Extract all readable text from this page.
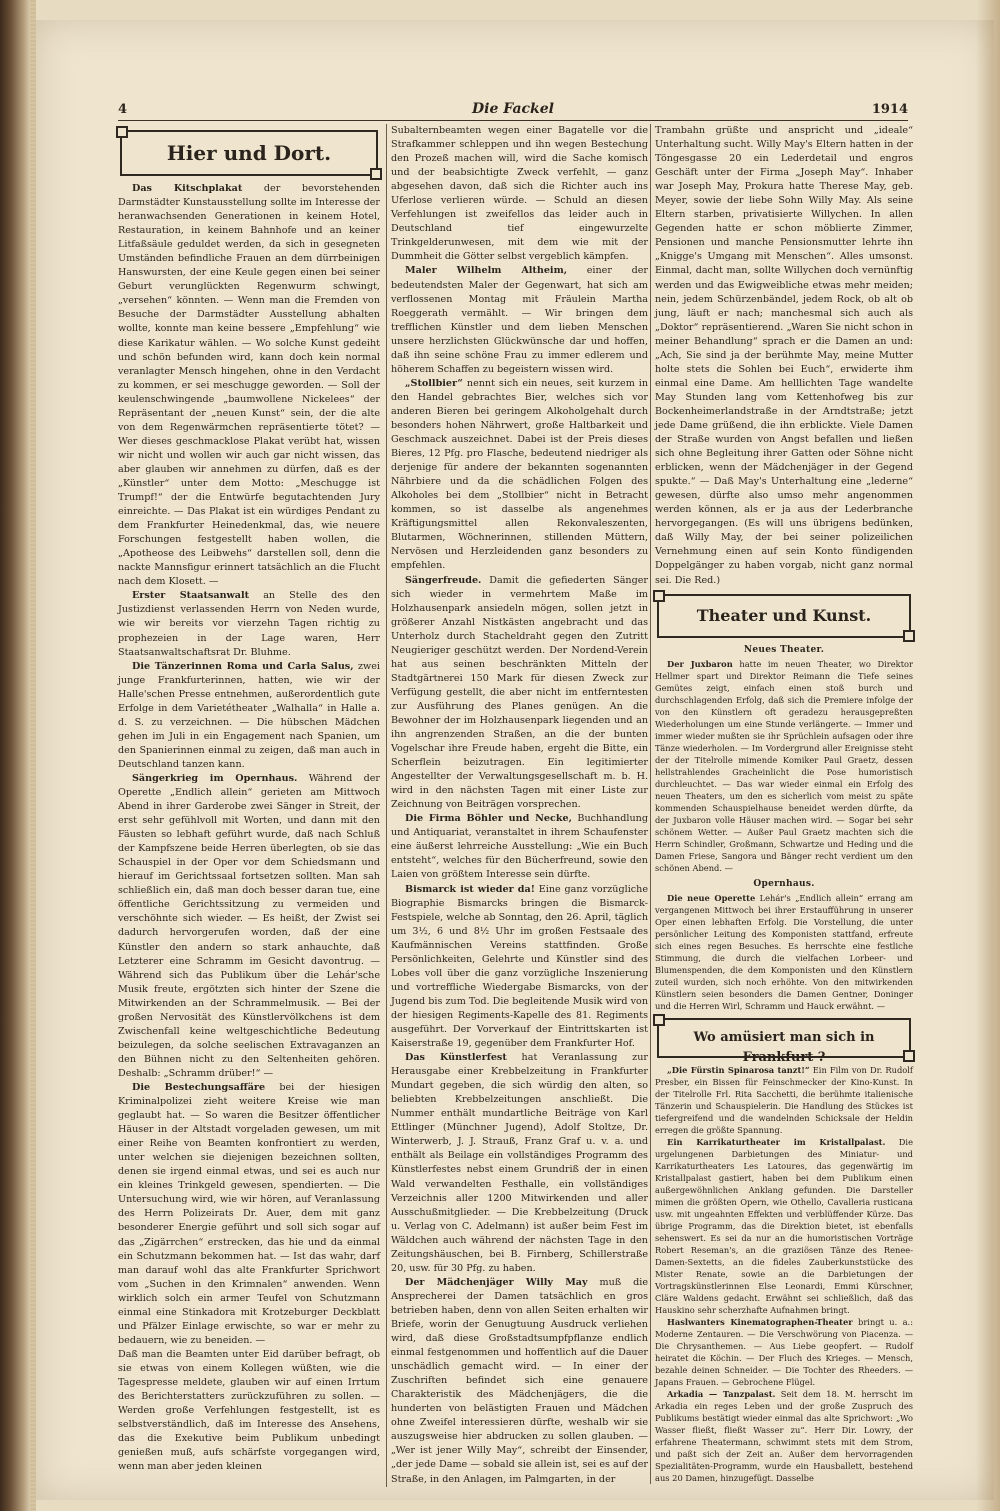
4	Die Fackel	1914
Hier und Dort.

Das Kitschplakat der bevorstehenden Darmstädter Kunstausstellung sollte im Interesse der heranwachsenden Generationen in keinem Hotel, Restauration, in keinem Bahnhofe und an keiner Litfaßsäule geduldet werden, da sich in gesegneten Umständen befindliche Frauen an dem dürrbeinigen Hanswursten, der eine Keule gegen einen bei seiner Geburt verunglückten Regenwurm schwingt, „versehen“ könnten. — Wenn man die Fremden von Besuche der Darmstädter Ausstellung abhalten wollte, konnte man keine bessere „Empfehlung“ wie diese Karikatur wählen. — Wo solche Kunst gedeiht und schön befunden wird, kann doch kein normal veranlagter Mensch hingehen, ohne in den Verdacht zu kommen, er sei meschugge geworden. — Soll der keulenschwingende „baumwollene Nickelees“ der Repräsentant der „neuen Kunst“ sein, der die alte von dem Regenwärmchen repräsentierte tötet? — Wer dieses geschmacklose Plakat verübt hat, wissen wir nicht und wollen wir auch gar nicht wissen, das aber glauben wir annehmen zu dürfen, daß es der „Künstler“ unter dem Motto: „Meschugge ist Trumpf!“ der die Entwürfe begutachtenden Jury einreichte. — Das Plakat ist ein würdiges Pendant zu dem Frankfurter Heinedenkmal, das, wie neuere Forschungen festgestellt haben wollen, die „Apotheose des Leibwehs“ darstellen soll, denn die nackte Mannsfigur erinnert tatsächlich an die Flucht nach dem Klosett. —

Erster Staatsanwalt an Stelle des den Justizdienst verlassenden Herrn von Neden wurde, wie wir bereits vor vierzehn Tagen richtig zu prophezeien in der Lage waren, Herr Staatsanwaltschaftsrat Dr. Bluhme.

Die Tänzerinnen Roma und Carla Salus, zwei junge Frankfurterinnen, hatten, wie wir der Halle'schen Presse entnehmen, außerordentlich gute Erfolge in dem Varietétheater „Walhalla“ in Halle a. d. S. zu verzeichnen. — Die hübschen Mädchen gehen im Juli in ein Engagement nach Spanien, um den Spanierinnen einmal zu zeigen, daß man auch in Deutschland tanzen kann.

Sängerkrieg im Opernhaus. Während der Operette „Endlich allein“ gerieten am Mittwoch Abend in ihrer Garderobe zwei Sänger in Streit, der erst sehr gefühlvoll mit Worten, und dann mit den Fäusten so lebhaft geführt wurde, daß nach Schluß der Kampfszene beide Herren überlegten, ob sie das Schauspiel in der Oper vor dem Schiedsmann und hierauf im Gerichtssaal fortsetzen sollten. Man sah schließlich ein, daß man doch besser daran tue, eine öffentliche Gerichtssitzung zu vermeiden und verschöhnte sich wieder. — Es heißt, der Zwist sei dadurch hervorgerufen worden, daß der eine Künstler den andern so stark anhauchte, daß Letzterer eine Schramm im Gesicht davontrug. — Während sich das Publikum über die Lehár'sche Musik freute, ergötzten sich hinter der Szene die Mitwirkenden an der Schrammelmusik. — Bei der großen Nervosität des Künstlervölkchens ist dem Zwischenfall keine weltgeschichtliche Bedeutung beizulegen, da solche seelischen Extravaganzen an den Bühnen nicht zu den Seltenheiten gehören. Deshalb: „Schramm drüber!“ —

Die Bestechungsaffäre bei der hiesigen Kriminalpolizei zieht weitere Kreise wie man geglaubt hat. — So waren die Besitzer öffentlicher Häuser in der Altstadt vorgeladen gewesen, um mit einer Reihe von Beamten konfrontiert zu werden, unter welchen sie diejenigen bezeichnen sollten, denen sie irgend einmal etwas, und sei es auch nur ein kleines Trinkgeld gewesen, spendierten. — Die Untersuchung wird, wie wir hören, auf Veranlassung des Herrn Polizeirats Dr. Auer, dem mit ganz besonderer Energie geführt und soll sich sogar auf das „Zigärrchen“ erstrecken, das hie und da einmal ein Schutzmann bekommen hat. — Ist das wahr, darf man darauf wohl das alte Frankfurter Sprichwort vom „Suchen in den Krimnalen“ anwenden. Wenn wirklich solch ein armer Teufel von Schutzmann einmal eine Stinkadora mit Krotzeburger Deckblatt und Pfälzer Einlage erwischte, so war er mehr zu bedauern, wie zu beneiden. —

Daß man die Beamten unter Eid darüber befragt, ob sie etwas von einem Kollegen wüßten, wie die Tagespresse meldete, glauben wir auf einen Irrtum des Berichterstatters zurückzuführen zu sollen. — Werden große Verfehlungen festgestellt, ist es selbstverständlich, daß im Interesse des Ansehens, das die Exekutive beim Publikum unbedingt genießen muß, aufs schärfste vorgegangen wird, wenn man aber jeden kleinen

Subalternbeamten wegen einer Bagatelle vor die Strafkammer schleppen und ihn wegen Bestechung den Prozeß machen will, wird die Sache komisch und der beabsichtigte Zweck verfehlt, — ganz abgesehen davon, daß sich die Richter auch ins Uferlose verlieren würde. — Schuld an diesen Verfehlungen ist zweifellos das leider auch in Deutschland tief eingewurzelte Trinkgelderunwesen, mit dem wie mit der Dummheit die Götter selbst vergeblich kämpfen.

Maler Wilhelm Altheim, einer der bedeutendsten Maler der Gegenwart, hat sich am verflossenen Montag mit Fräulein Martha Roeggerath vermählt. — Wir bringen dem trefflichen Künstler und dem lieben Menschen unsere herzlichsten Glückwünsche dar und hoffen, daß ihn seine schöne Frau zu immer edlerem und höherem Schaffen zu begeistern wissen wird.

„Stollbier“ nennt sich ein neues, seit kurzem in den Handel gebrachtes Bier, welches sich vor anderen Bieren bei geringem Alkoholgehalt durch besonders hohen Nährwert, große Haltbarkeit und Geschmack auszeichnet. Dabei ist der Preis dieses Bieres, 12 Pfg. pro Flasche, bedeutend niedriger als derjenige für andere der bekannten sogenannten Nährbiere und da die schädlichen Folgen des Alkoholes bei dem „Stollbier“ nicht in Betracht kommen, so ist dasselbe als angenehmes Kräftigungsmittel allen Rekonvaleszenten, Blutarmen, Wöchnerinnen, stillenden Müttern, Nervösen und Herzleidenden ganz besonders zu empfehlen.

Sängerfreude. Damit die gefiederten Sänger sich wieder in vermehrtem Maße im Holzhausenpark ansiedeln mögen, sollen jetzt in größerer Anzahl Nistkästen angebracht und das Unterholz durch Stacheldraht gegen den Zutritt Neugieriger geschützt werden. Der Nordend-Verein hat aus seinen beschränkten Mitteln der Stadtgärtnerei 150 Mark für diesen Zweck zur Verfügung gestellt, die aber nicht im entferntesten zur Ausführung des Planes genügen. An die Bewohner der im Holzhausenpark liegenden und an ihn angrenzenden Straßen, an die der bunten Vogelschar ihre Freude haben, ergeht die Bitte, ein Scherflein beizutragen. Ein legitimierter Angestellter der Verwaltungsgesellschaft m. b. H. wird in den nächsten Tagen mit einer Liste zur Zeichnung von Beiträgen vorsprechen.

Die Firma Böhler und Necke, Buchhandlung und Antiquariat, veranstaltet in ihrem Schaufenster eine äußerst lehrreiche Ausstellung: „Wie ein Buch entsteht“, welches für den Bücherfreund, sowie den Laien von größtem Interesse sein dürfte.

Bismarck ist wieder da! Eine ganz vorzügliche Biographie Bismarcks bringen die Bismarck-Festspiele, welche ab Sonntag, den 26. April, täglich um 3½, 6 und 8½ Uhr im großen Festsaale des Kaufmännischen Vereins stattfinden. Große Persönlichkeiten, Gelehrte und Künstler sind des Lobes voll über die ganz vorzügliche Inszenierung und vortreffliche Wiedergabe Bismarcks, von der Jugend bis zum Tod. Die begleitende Musik wird von der hiesigen Regiments-Kapelle des 81. Regiments ausgeführt. Der Vorverkauf der Eintrittskarten ist Kaiserstraße 19, gegenüber dem Frankfurter Hof.

Das Künstlerfest hat Veranlassung zur Herausgabe einer Krebbelzeitung in Frankfurter Mundart gegeben, die sich würdig den alten, so beliebten Krebbelzeitungen anschließt. Die Nummer enthält mundartliche Beiträge von Karl Ettlinger (Münchner Jugend), Adolf Stoltze, Dr. Winterwerb, J. J. Strauß, Franz Graf u. v. a. und enthält als Beilage ein vollständiges Programm des Künstlerfestes nebst einem Grundriß der in einen Wald verwandelten Festhalle, ein vollständiges Verzeichnis aller 1200 Mitwirkenden und aller Ausschußmitglieder. — Die Krebbelzeitung (Druck u. Verlag von C. Adelmann) ist außer beim Fest im Wäldchen auch während der nächsten Tage in den Zeitungshäuschen, bei B. Firnberg, Schillerstraße 20, usw. für 30 Pfg. zu haben.

Der Mädchenjäger Willy May muß die Ansprecherei der Damen tatsächlich en gros betrieben haben, denn von allen Seiten erhalten wir Briefe, worin der Genugtuung Ausdruck verliehen wird, daß diese Großstadtsumpfpflanze endlich einmal festgenommen und hoffentlich auf die Dauer unschädlich gemacht wird. — In einer der Zuschriften befindet sich eine genauere Charakteristik des Mädchenjägers, die die hunderten von belästigten Frauen und Mädchen ohne Zweifel interessieren dürfte, weshalb wir sie auszugsweise hier abdrucken zu sollen glauben. — „Wer ist jener Willy May“, schreibt der Einsender, „der jede Dame — sobald sie allein ist, sei es auf der Straße, in den Anlagen, im Palmgarten, in der

Trambahn grüßte und anspricht und „ideale“ Unterhaltung sucht. Willy May's Eltern hatten in der Töngesgasse 20 ein Lederdetail und engros Geschäft unter der Firma „Joseph May“. Inhaber war Joseph May, Prokura hatte Therese May, geb. Meyer, sowie der liebe Sohn Willy May. Als seine Eltern starben, privatisierte Willychen. In allen Gegenden hatte er schon möblierte Zimmer, Pensionen und manche Pensionsmutter lehrte ihn „Knigge's Umgang mit Menschen“. Alles umsonst. Einmal, dacht man, sollte Willychen doch vernünftig werden und das Ewigweibliche etwas mehr meiden; nein, jedem Schürzenbändel, jedem Rock, ob alt ob jung, läuft er nach; manchesmal sich auch als „Doktor“ repräsentierend. „Waren Sie nicht schon in meiner Behandlung“ sprach er die Damen an und: „Ach, Sie sind ja der berühmte May, meine Mutter holte stets die Sohlen bei Euch“, erwiderte ihm einmal eine Dame. Am helllichten Tage wandelte May Stunden lang vom Kettenhofweg bis zur Bockenheimerlandstraße in der Arndtstraße; jetzt jede Dame grüßend, die ihn erblickte. Viele Damen der Straße wurden von Angst befallen und ließen sich ohne Begleitung ihrer Gatten oder Söhne nicht erblicken, wenn der Mädchenjäger in der Gegend spukte.“ — Daß May's Unterhaltung eine „lederne“ gewesen, dürfte also umso mehr angenommen werden können, als er ja aus der Lederbranche hervorgegangen. (Es will uns übrigens bedünken, daß Willy May, der bei seiner polizeilichen Vernehmung einen auf sein Konto fündigenden Doppelgänger zu haben vorgab, nicht ganz normal sei. Die Red.)

Theater und Kunst.
Neues Theater.

Der Juxbaron hatte im neuen Theater, wo Direktor Hellmer spart und Direktor Reimann die Tiefe seines Gemütes zeigt, einfach einen stoß burch und durchschlagenden Erfolg, daß sich die Premiere infolge der von den Künstlern oft geradezu herausgepreßten Wiederholungen um eine Stunde verlängerte. — Immer und immer wieder mußten sie ihr Sprüchlein aufsagen oder ihre Tänze wiederholen. — Im Vordergrund aller Ereignisse steht der der Titelrolle mimende Komiker Paul Graetz, dessen hellstrahlendes Gracheinlicht die Pose humoristisch durchleuchtet. — Das war wieder einmal ein Erfolg des neuen Theaters, um den es sicherlich vom meist zu späte kommenden Schauspielhause beneidet werden dürfte, da der Juxbaron volle Häuser machen wird. — Sogar bei sehr schönem Wetter. — Außer Paul Graetz machten sich die Herrn Schindler, Großmann, Schwartze und Heding und die Damen Friese, Sangora und Bänger recht verdient um den schönen Abend. —

Opernhaus.

Die neue Operette Lehár's „Endlich allein“ errang am vergangenen Mittwoch bei ihrer Erstaufführung in unserer Oper einen lebhaften Erfolg. Die Vorstellung, die unter persönlicher Leitung des Komponisten stattfand, erfreute sich eines regen Besuches. Es herrschte eine festliche Stimmung, die durch die vielfachen Lorbeer- und Blumenspenden, die dem Komponisten und den Künstlern zuteil wurden, sich noch erhöhte. Von den mitwirkenden Künstlern seien besonders die Damen Gentner, Doninger und die Herren Wirl, Schramm und Hauck erwähnt. —

Wo amüsiert man sich in Frankfurt ?

„Die Fürstin Spinarosa tanzt!“ Ein Film von Dr. Rudolf Presber, ein Bissen für Feinschmecker der Kino-Kunst. In der Titelrolle Frl. Rita Sacchetti, die berühmte italienische Tänzerin und Schauspielerin. Die Handlung des Stückes ist tiefergreifend und die wandelnden Schicksale der Heldin erregen die größte Spannung.

Ein Karrikaturtheater im Kristallpalast. Die urgelungenen Darbietungen des Miniatur- und Karrikaturtheaters Les Latoures, das gegenwärtig im Kristallpalast gastiert, haben bei dem Publikum einen außergewöhnlichen Anklang gefunden. Die Darsteller mimen die größten Opern, wie Othello, Cavalleria rusticana usw. mit ungeahnten Effekten und verblüffender Kürze. Das übrige Programm, das die Direktion bietet, ist ebenfalls sehenswert. Es sei da nur an die humoristischen Vorträge Robert Reseman's, an die graziösen Tänze des Renee-Damen-Sextetts, an die fideles Zauberkunststücke des Mister Renate, sowie an die Darbietungen der Vortragskünstlerinnen Else Leonardi, Emmi Kürschner, Cläre Waldens gedacht. Erwähnt sei schließlich, daß das Hauskino sehr scherzhafte Aufnahmen bringt.

Haslwanters Kinematographen-Theater bringt u. a.: Moderne Zentauren. — Die Verschwörung von Piacenza. — Die Chrysanthemen. — Aus Liebe geopfert. — Rudolf heiratet die Köchin. — Der Fluch des Krieges. — Mensch, bezahle deinen Schneider. — Die Tochter des Rheeders. — Japans Frauen. — Gebrochene Flügel.

Arkadia — Tanzpalast. Seit dem 18. M. herrscht im Arkadia ein reges Leben und der große Zuspruch des Publikums bestätigt wieder einmal das alte Sprichwort: „Wo Wasser fließt, fließt Wasser zu“. Herr Dir. Lowry, der erfahrene Theatermann, schwimmt stets mit dem Strom, und paßt sich der Zeit an. Außer dem hervorragenden Spezialitäten-Programm, wurde ein Hausballett, bestehend aus 20 Damen, hinzugefügt. Dasselbe
